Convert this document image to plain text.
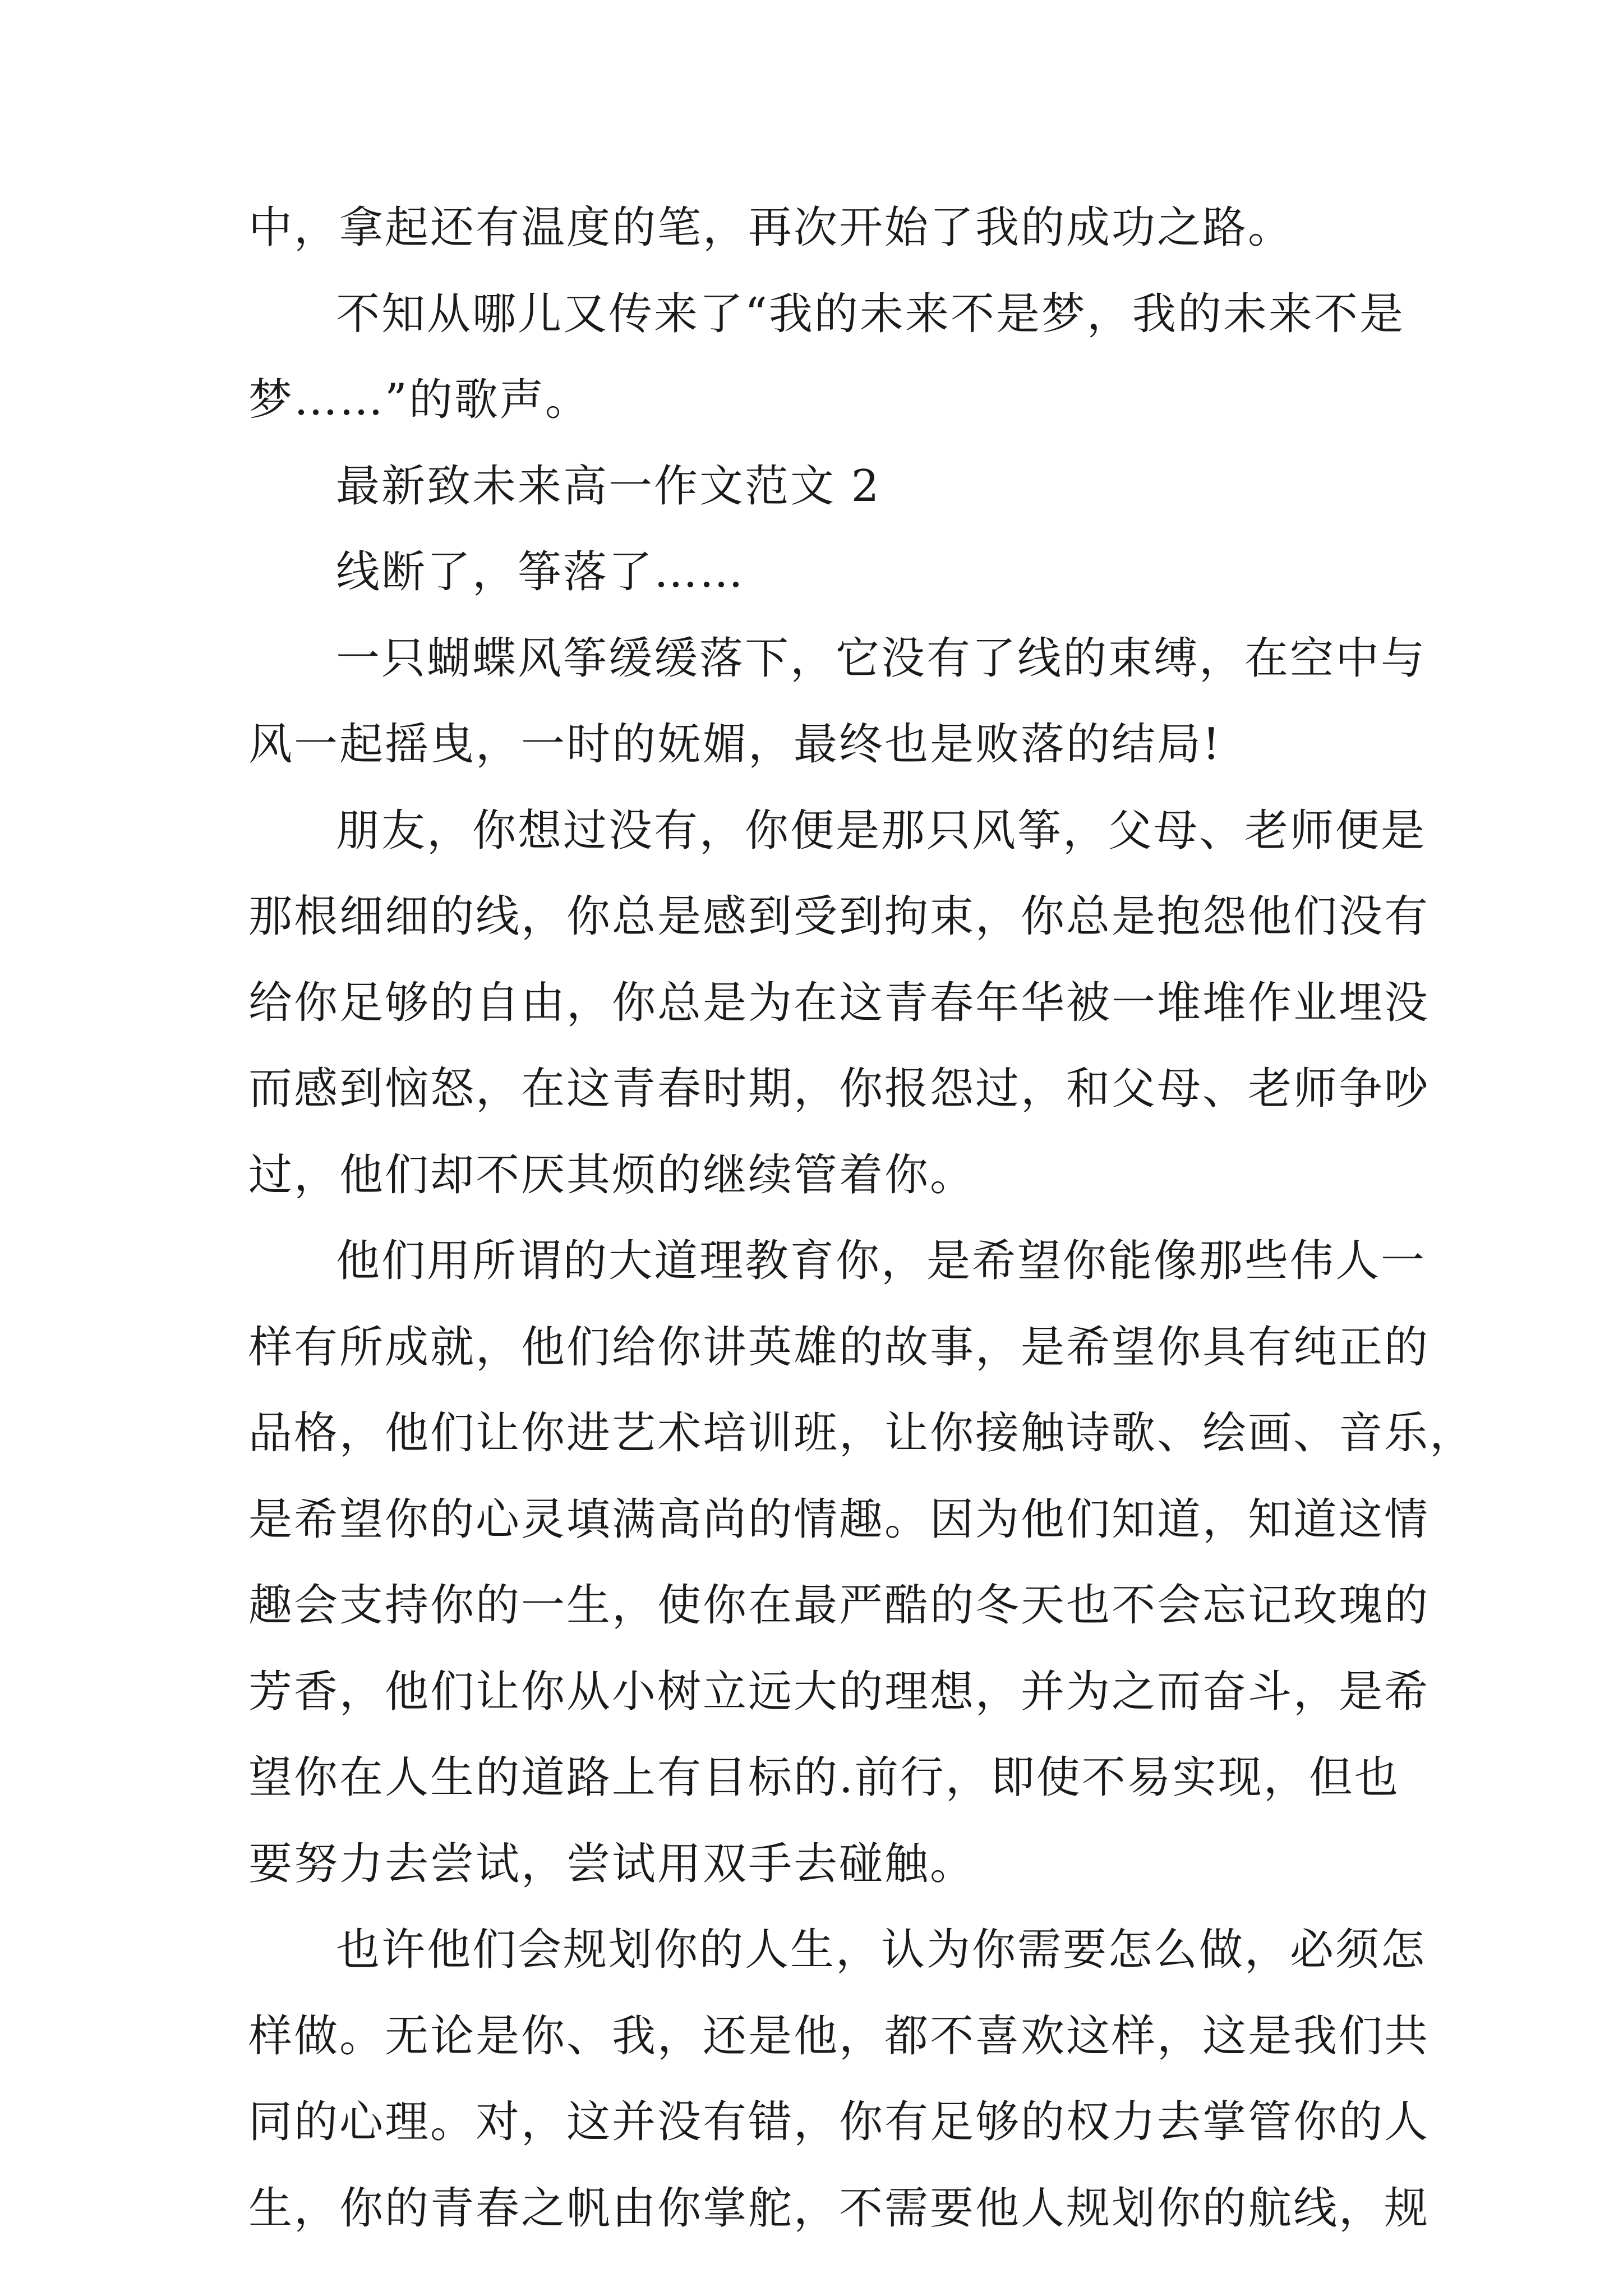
中，拿起还有温度的笔，再次开始了我的成功之路。
不知从哪儿又传来了“我的未来不是梦，我的未来不是
梦……”的歌声。
最新致未来高一作文范文 2
线断了，筝落了……
一只蝴蝶风筝缓缓落下，它没有了线的束缚，在空中与
风一起摇曳，一时的妩媚，最终也是败落的结局!
朋友，你想过没有，你便是那只风筝，父母、老师便是
那根细细的线，你总是感到受到拘束，你总是抱怨他们没有
给你足够的自由，你总是为在这青春年华被一堆堆作业埋没
而感到恼怒，在这青春时期，你报怨过，和父母、老师争吵
过，他们却不厌其烦的继续管着你。
他们用所谓的大道理教育你，是希望你能像那些伟人一
样有所成就，他们给你讲英雄的故事，是希望你具有纯正的
品格，他们让你进艺术培训班，让你接触诗歌、绘画、音乐，
是希望你的心灵填满高尚的情趣。因为他们知道，知道这情
趣会支持你的一生，使你在最严酷的冬天也不会忘记玫瑰的
芳香，他们让你从小树立远大的理想，并为之而奋斗，是希
望你在人生的道路上有目标的.前行，即使不易实现，但也
要努力去尝试，尝试用双手去碰触。
也许他们会规划你的人生，认为你需要怎么做，必须怎
样做。无论是你、我，还是他，都不喜欢这样，这是我们共
同的心理。对，这并没有错，你有足够的权力去掌管你的人
生，你的青春之帆由你掌舵，不需要他人规划你的航线，规
